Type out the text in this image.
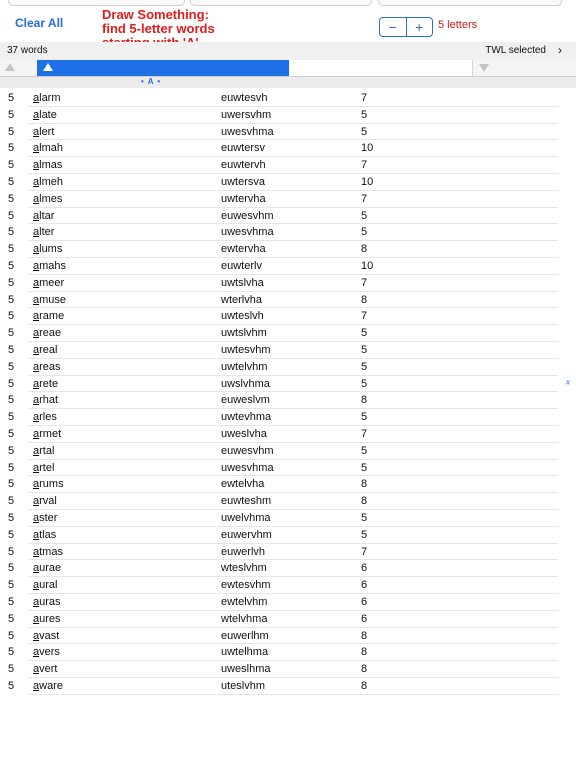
Clear All
Draw Something:
find 5-letter words	−	+	5 letters
37 words	TWL selected ›
• A •
5 alarm	euwtesvh	7
5 alate	uwersvhm	5
5 alert	uwesvhma	5
5 almah	euwtersv	10
5 almas	euwtervh	7
5 almeh	uwtersva	10
5 almes	uwtervha	7
5 altar	euwesvhm	5
5 alter	uwesvhma	5
5 alums	ewtervha	8
5 amahs	euwterlv	10
5 ameer	uwtslvha	7
5 amuse	wterlvha	8
5 arame	uwteslvh	7
5 areae	uwtslvhm	5
5 areal	uwtesvhm	5
5 areas	uwtelvhm	5
5 arete	uwslvhma	5
5 arhat	euweslvm	8
5 arles	uwtevhma	5
5 armet	uweslvha	7
5 artal	euwesvhm	5
5 artel	uwesvhma	5
5 arums	ewtelvha	8
5 arval	euwteshm	8
5 aster	uwelvhma	5
5 atlas	euwervhm	5
5 atmas	euwerlvh	7
5 aurae	wteslvhm	6
5 aural	ewtesvhm	6
5 auras	ewtelvhm	6
5 aures	wtelvhma	6
5 avast	euwerlhm	8
5 avers	uwtelhma	8
5 avert	uweslhma	8
5 aware	uteslvhm	8
#
